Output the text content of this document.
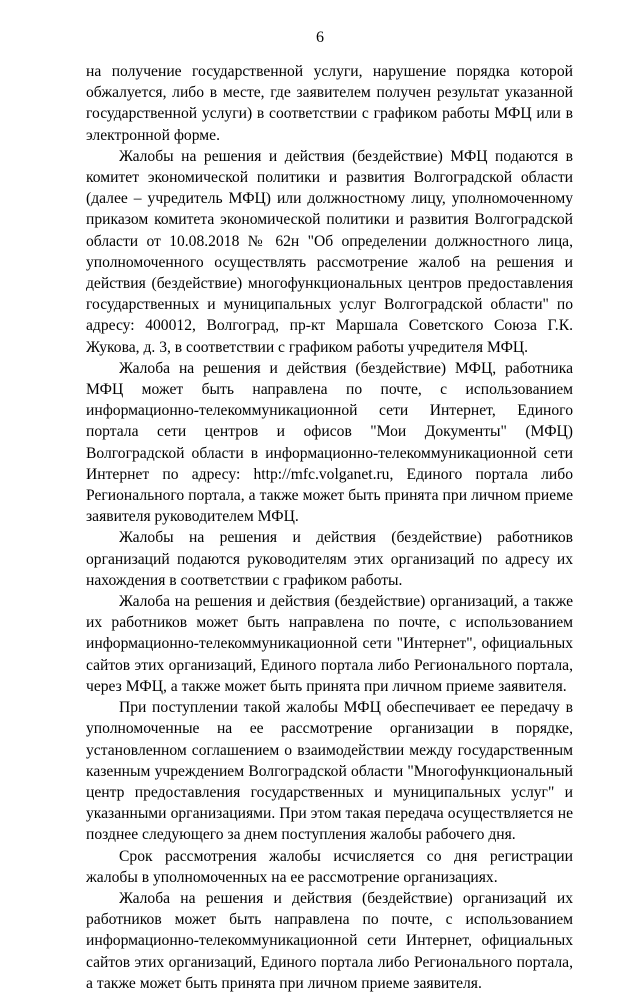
6

на получение государственной услуги, нарушение порядка которой обжалуется, либо в месте, где заявителем получен результат указанной государственной услуги) в соответствии с графиком работы МФЦ или в электронной форме.

Жалобы на решения и действия (бездействие) МФЦ подаются в комитет экономической политики и развития Волгоградской области (далее – учредитель МФЦ) или должностному лицу, уполномоченному приказом комитета экономической политики и развития Волгоградской области от 10.08.2018 № 62н "Об определении должностного лица, уполномоченного осуществлять рассмотрение жалоб на решения и действия (бездействие) многофункциональных центров предоставления государственных и муниципальных услуг Волгоградской области" по адресу: 400012, Волгоград, пр-кт Маршала Советского Союза Г.К. Жукова, д. 3, в соответствии с графиком работы учредителя МФЦ.

Жалоба на решения и действия (бездействие) МФЦ, работника МФЦ может быть направлена по почте, с использованием информационно-телекоммуникационной сети Интернет, Единого портала сети центров и офисов "Мои Документы" (МФЦ) Волгоградской области в информационно-телекоммуникационной сети Интернет по адресу: http://mfc.volganet.ru, Единого портала либо Регионального портала, а также может быть принята при личном приеме заявителя руководителем МФЦ.

Жалобы на решения и действия (бездействие) работников организаций подаются руководителям этих организаций по адресу их нахождения в соответствии с графиком работы.

Жалоба на решения и действия (бездействие) организаций, а также их работников может быть направлена по почте, с использованием информационно-телекоммуникационной сети "Интернет", официальных сайтов этих организаций, Единого портала либо Регионального портала, через МФЦ, а также может быть принята при личном приеме заявителя.

При поступлении такой жалобы МФЦ обеспечивает ее передачу в уполномоченные на ее рассмотрение организации в порядке, установленном соглашением о взаимодействии между государственным казенным учреждением Волгоградской области "Многофункциональный центр предоставления государственных и муниципальных услуг" и указанными организациями. При этом такая передача осуществляется не позднее следующего за днем поступления жалобы рабочего дня.

Срок рассмотрения жалобы исчисляется со дня регистрации жалобы в уполномоченных на ее рассмотрение организациях.

Жалоба на решения и действия (бездействие) организаций их работников может быть направлена по почте, с использованием информационно-телекоммуникационной сети Интернет, официальных сайтов этих организаций, Единого портала либо Регионального портала, а также может быть принята при личном приеме заявителя.
